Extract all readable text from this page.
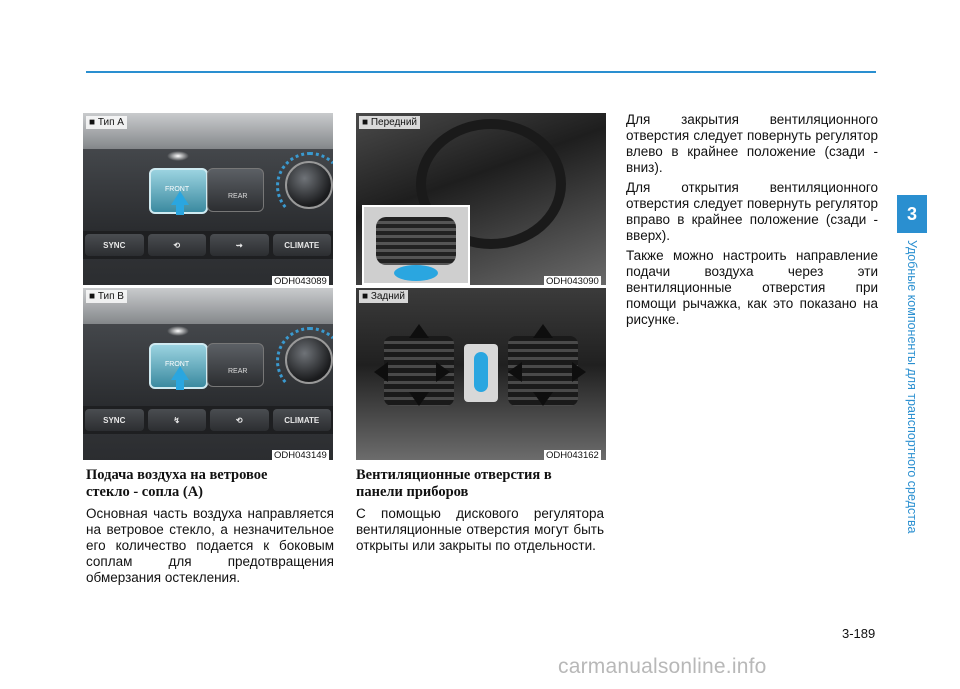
FRONT
REAR
SYNC	⟲	⇝	CLIMATE
■ Тип A
ODH043089
FRONT
REAR
SYNC	↯	⟲	CLIMATE
■ Тип B
ODH043149
■ Передний
ODH043090
■ Задний
ODH043162
Подача воздуха на ветровое стекло - сопла (A)

Основная часть воздуха направляется на ветровое стекло, а незначительное его количество подается к боковым соплам для предотвращения обмерзания остекления.

Вентиляционные отверстия в панели приборов

С помощью дискового регулятора вентиляционные отверстия могут быть открыты или закрыты по отдельности.

Для закрытия вентиляционного отверстия следует повернуть регулятор влево в крайнее положение (сзади - вниз).

Для открытия вентиляционного отверстия следует повернуть регулятор вправо в крайнее положение (сзади - вверх).

Также можно настроить направление подачи воздуха через эти вентиляционные отверстия при помощи рычажка, как это показано на рисунке.

3
Удобные компоненты для транспортного средства
3-189
carmanualsonline.info
